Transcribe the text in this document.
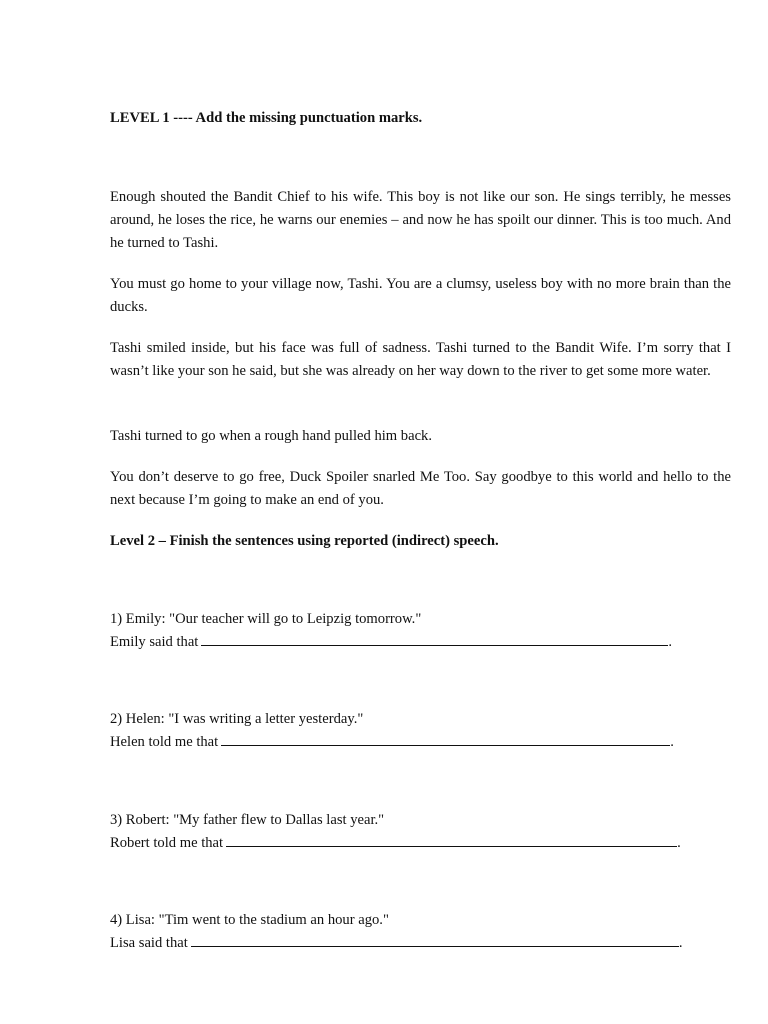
LEVEL 1 ---- Add the missing punctuation marks.

Enough shouted the Bandit Chief to his wife. This boy is not like our son. He sings terribly, he messes around, he loses the rice, he warns our enemies – and now he has spoilt our dinner. This is too much. And he turned to Tashi.

You must go home to your village now, Tashi. You are a clumsy, useless boy with no more brain than the ducks.

Tashi smiled inside, but his face was full of sadness. Tashi turned to the Bandit Wife. I’m sorry that I wasn’t like your son he said, but she was already on her way down to the river to get some more water.

Tashi turned to go when a rough hand pulled him back.

You don’t deserve to go free, Duck Spoiler snarled Me Too. Say goodbye to this world and hello to the next because I’m going to make an end of you.

Level 2 – Finish the sentences using reported (indirect) speech.
1) Emily: "Our teacher will go to Leipzig tomorrow."
Emily said that	.
2) Helen: "I was writing a letter yesterday."
Helen told me that	.
3) Robert: "My father flew to Dallas last year."
Robert told me that	.
4) Lisa: "Tim went to the stadium an hour ago."
Lisa said that	.
